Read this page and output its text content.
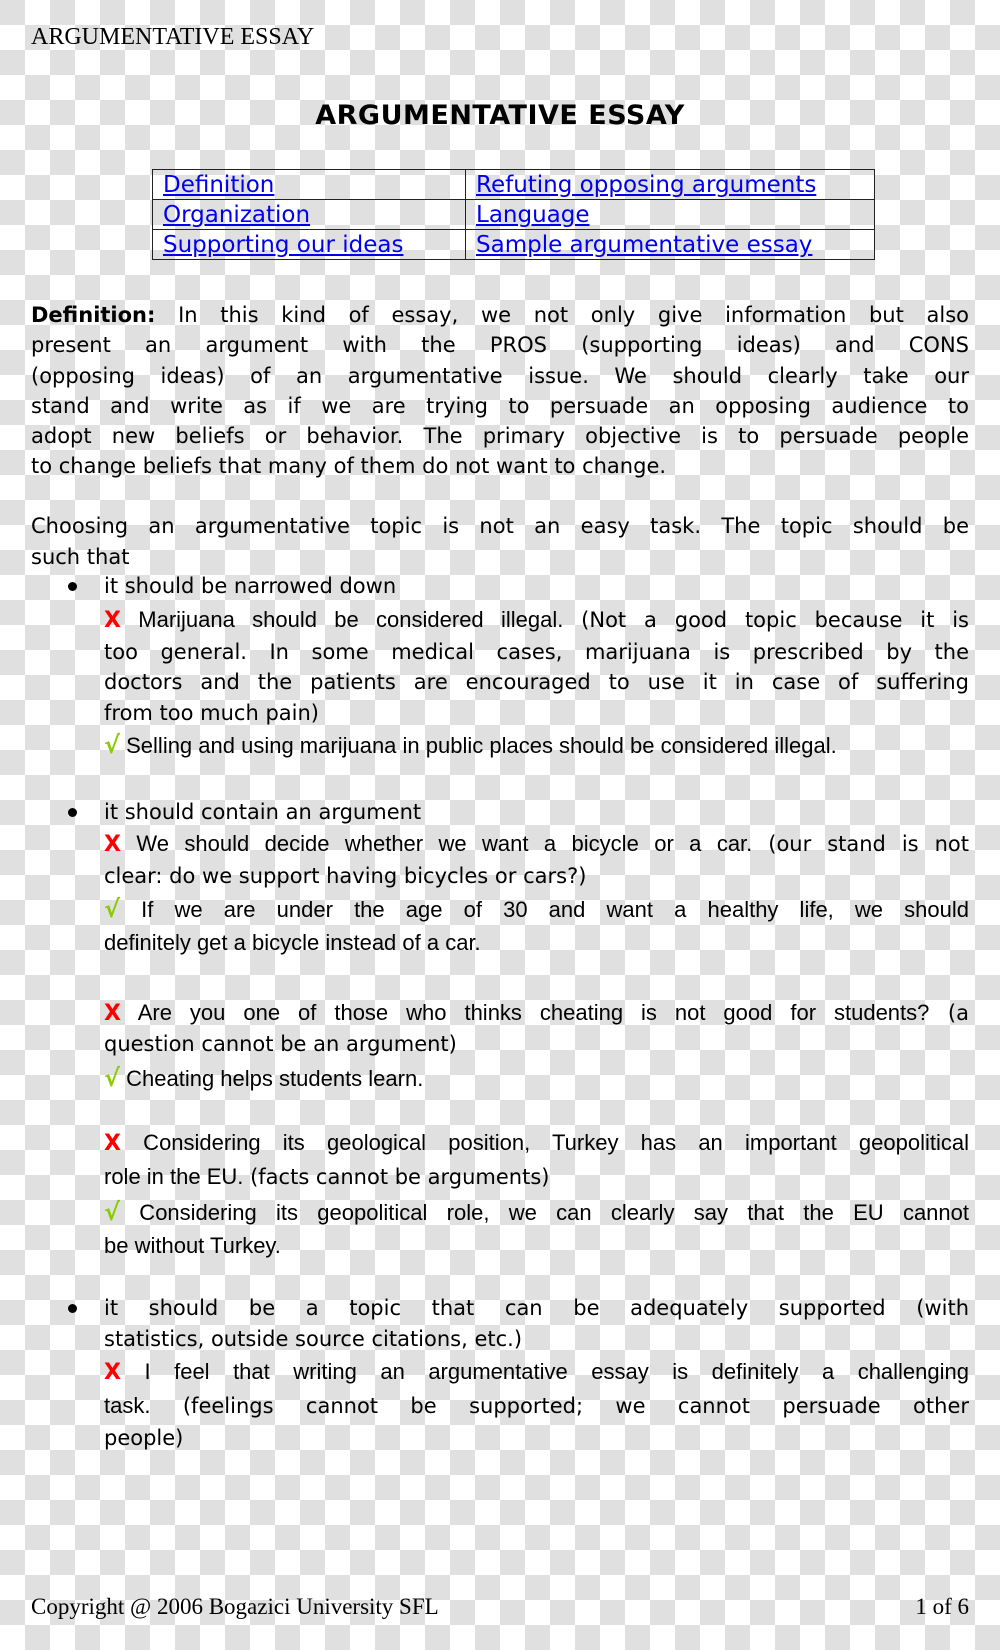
ARGUMENTATIVE ESSAY
ARGUMENTATIVE ESSAY
Definition	Refuting opposing arguments
Organization	Language
Supporting our ideas	Sample argumentative essay
Definition: In this kind of essay, we not only give information but also
present an argument with the PROS (supporting ideas) and CONS
(opposing ideas) of an argumentative issue. We should clearly take our
stand and write as if we are trying to persuade an opposing audience to
adopt new beliefs or behavior. The primary objective is to persuade people
to change beliefs that many of them do not want to change.
Choosing an argumentative topic is not an easy task. The topic should be
such that
it should be narrowed down
X Marijuana should be considered illegal. (Not a good topic because it is
too general. In some medical cases, marijuana is prescribed by the
doctors and the patients are encouraged to use it in case of suffering
from too much pain)
√ Selling and using marijuana in public places should be considered illegal.
it should contain an argument
X We should decide whether we want a bicycle or a car. (our stand is not
clear: do we support having bicycles or cars?)
√ If we are under the age of 30 and want a healthy life, we should
definitely get a bicycle instead of a car.
X Are you one of those who thinks cheating is not good for students? (a
question cannot be an argument)
√ Cheating helps students learn.
X Considering its geological position, Turkey has an important geopolitical
role in the EU. (facts cannot be arguments)
√ Considering its geopolitical role, we can clearly say that the EU cannot
be without Turkey.
it should be a topic that can be adequately supported (with
statistics, outside source citations, etc.)
X I feel that writing an argumentative essay is definitely a challenging
task. (feelings cannot be supported; we cannot persuade other
people)
Copyright @ 2006 Bogazici University SFL	1 of 6
